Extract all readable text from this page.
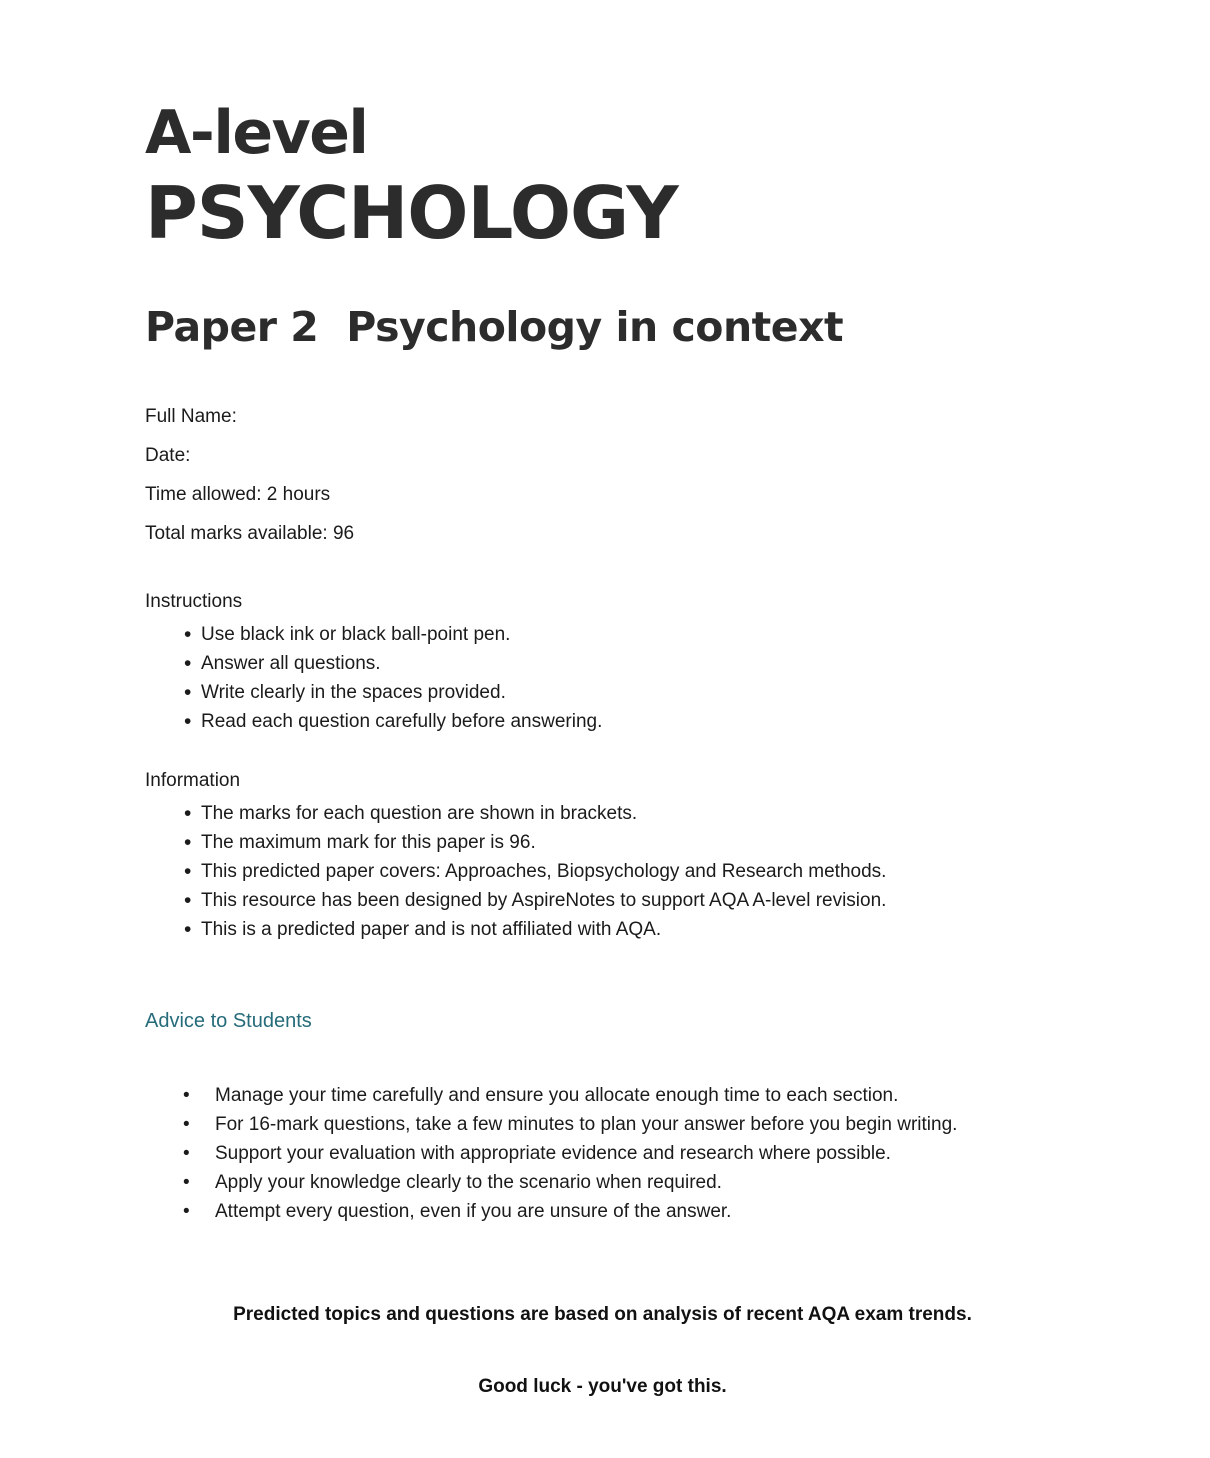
A-level
PSYCHOLOGY
Paper 2 Psychology in context

Full Name:

Date:

Time allowed: 2 hours

Total marks available: 96

Instructions

• Use black ink or black ball-point pen.
• Answer all questions.
• Write clearly in the spaces provided.
• Read each question carefully before answering.

Information

• The marks for each question are shown in brackets.
• The maximum mark for this paper is 96.
• This predicted paper covers: Approaches, Biopsychology and Research methods.
• This resource has been designed by AspireNotes to support AQA A-level revision.
• This is a predicted paper and is not affiliated with AQA.

Advice to Students

• Manage your time carefully and ensure you allocate enough time to each section.
• For 16-mark questions, take a few minutes to plan your answer before you begin writing.
• Support your evaluation with appropriate evidence and research where possible.
• Apply your knowledge clearly to the scenario when required.
• Attempt every question, even if you are unsure of the answer.

Predicted topics and questions are based on analysis of recent AQA exam trends.

Good luck - you've got this.
